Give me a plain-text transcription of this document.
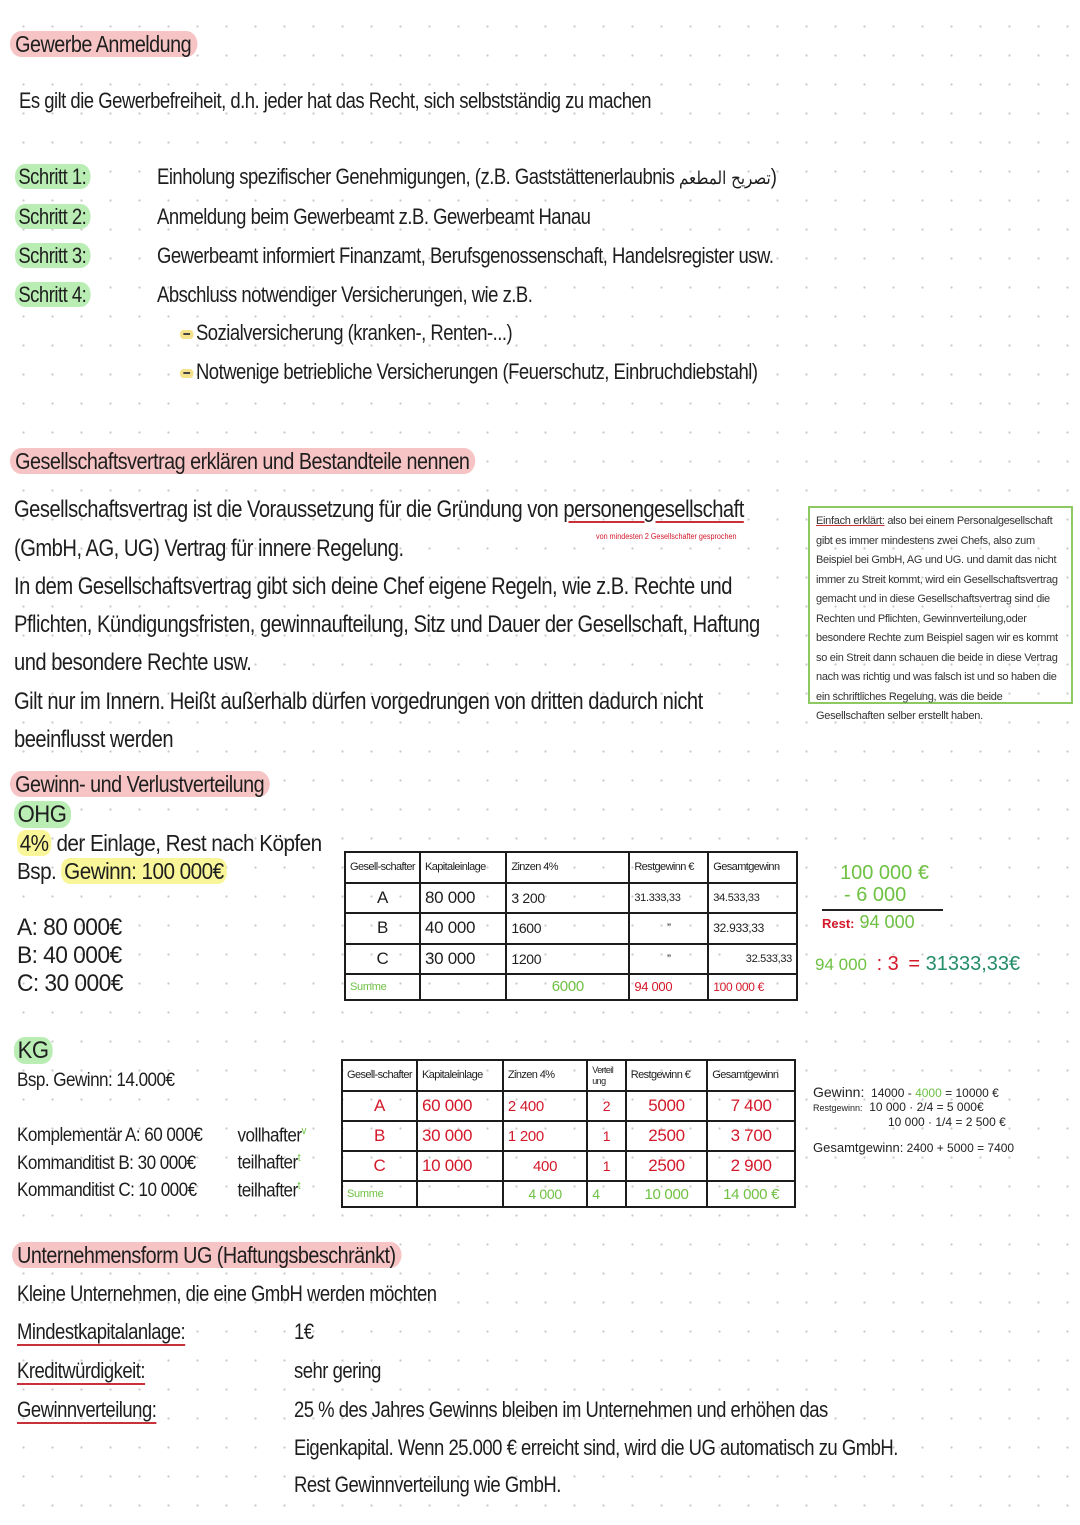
Gewerbe Anmeldung
Es gilt die Gewerbefreiheit, d.h. jeder hat das Recht, sich selbstständig zu machen
Schritt 1:	Einholung spezifischer Genehmigungen, (z.B. Gaststättenerlaubnis تصريح المطعم)
Schritt 2:	Anmeldung beim Gewerbeamt z.B. Gewerbeamt Hanau
Schritt 3:	Gewerbeamt informiert Finanzamt, Berufsgenossenschaft, Handelsregister usw.
Schritt 4:	Abschluss notwendiger Versicherungen, wie z.B.
Sozialversicherung (kranken-, Renten-...)
Notwenige betriebliche Versicherungen (Feuerschutz, Einbruchdiebstahl)
Gesellschaftsvertrag erklären und Bestandteile nennen
Gesellschaftsvertrag ist die Voraussetzung für die Gründung von personengesellschaft
von mindesten 2 Gesellschafter gesprochen
(GmbH, AG, UG) Vertrag für innere Regelung.
In dem Gesellschaftsvertrag gibt sich deine Chef eigene Regeln, wie z.B. Rechte und
Pflichten, Kündigungsfristen, gewinnaufteilung, Sitz und Dauer der Gesellschaft, Haftung
und besondere Rechte usw.
Gilt nur im Innern. Heißt außerhalb dürfen vorgedrungen von dritten dadurch nicht
beeinflusst werden
Einfach erklärt: also bei einem Personalgesellschaft gibt es immer mindestens zwei Chefs, also zum Beispiel bei GmbH, AG und UG. und damit das nicht immer zu Streit kommt, wird ein Gesellschaftsvertrag gemacht und in diese Gesellschaftsvertrag sind die Rechten und Pflichten, Gewinnverteilung,oder besondere Rechte zum Beispiel sagen wir es kommt so ein Streit dann schauen die beide in diese Vertrag nach was richtig und was falsch ist und so haben die ein schriftliches Regelung, was die beide Gesellschaften selber erstellt haben.
Gewinn- und Verlustverteilung
OHG
4% der Einlage, Rest nach Köpfen
Bsp. Gewinn: 100 000€
A: 80 000€
B: 40 000€
C: 30 000€
Gesell-schafter	Kapitaleinlage	Zinzen 4%	Restgewinn €	Gesamtgewinn
A	80 000	3 200	31.333,33	34.533,33
B	40 000	1600	”	32.933,33
C	30 000	1200	”	32.533,33
Summe		6000	94 000	100 000 €
100 000 €
- 6 000
Rest: 94 000
94 000 : 3 = 31333,33€
KG
Bsp. Gewinn: 14.000€
Komplementär A: 60 000€ vollhafter$^v$
Kommanditist B: 30 000€ teilhafter$^t$
Kommanditist C: 10 000€ teilhafter$^t$
Gesell-schafter	Kapitaleinlage	Zinzen 4%	Verteil ung	Restgewinn €	Gesamtgewinn
A	60 000	2 400	2	5000	7 400
B	30 000	1 200	1	2500	3 700
C	10 000	400	1	2500	2 900
Summe		4 000	4	10 000	14 000 €
Gewinn: 14000 - 4000 = 10000 €
Restgewinn: 10 000 · 2/4 = 5 000€
10 000 · 1/4 = 2 500 €
Gesamtgewinn: 2400 + 5000 = 7400
Unternehmensform UG (Haftungsbeschränkt)
Kleine Unternehmen, die eine GmbH werden möchten
Mindestkapitalanlage:	1€
Kreditwürdigkeit:	sehr gering
Gewinnverteilung:	25 % des Jahres Gewinns bleiben im Unternehmen und erhöhen das
Eigenkapital. Wenn 25.000 € erreicht sind, wird die UG automatisch zu GmbH.
Rest Gewinnverteilung wie GmbH.
